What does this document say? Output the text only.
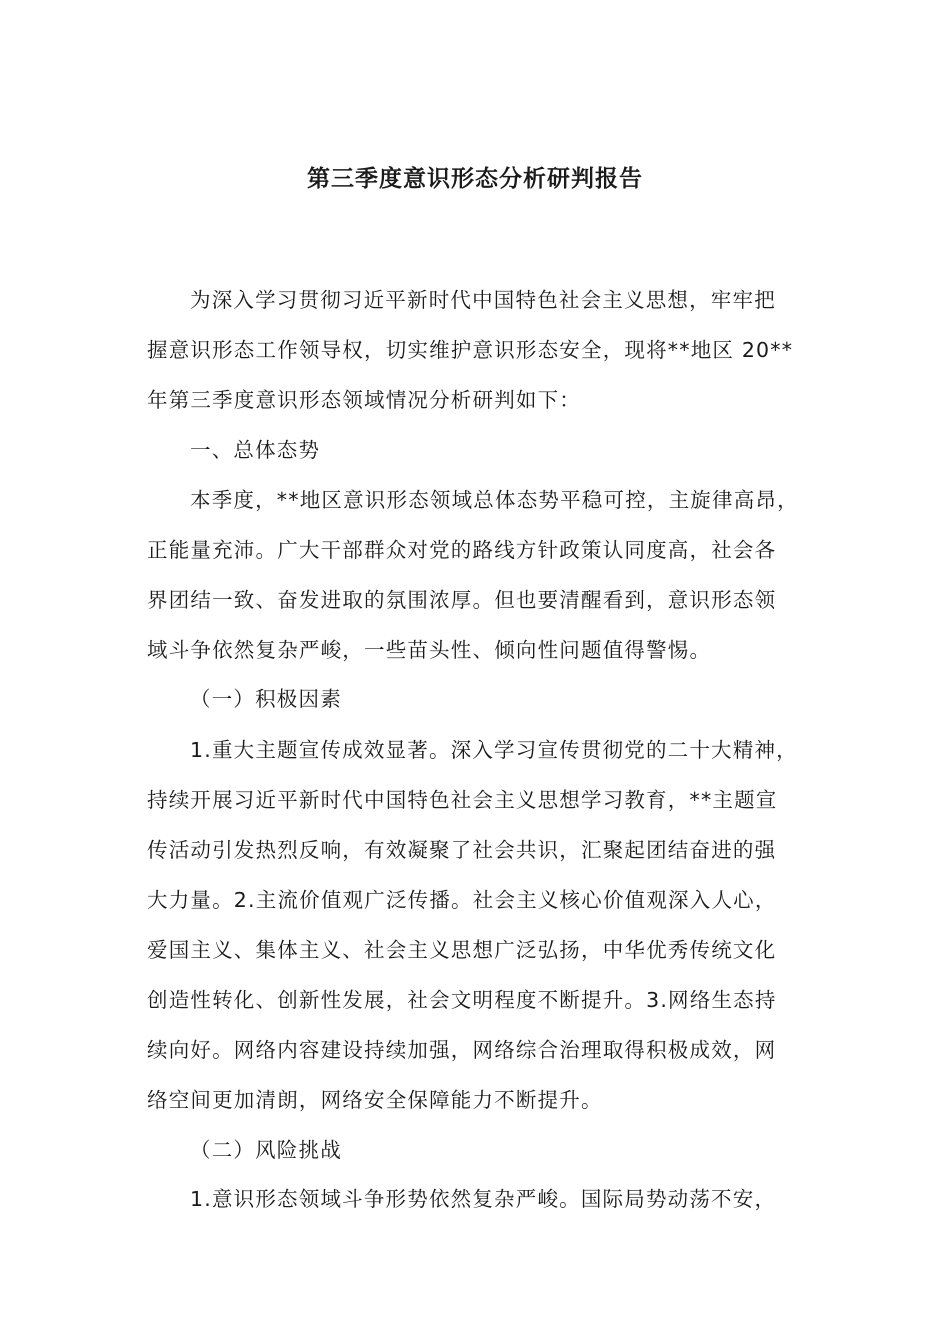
第三季度意识形态分析研判报告
为深入学习贯彻习近平新时代中国特色社会主义思想，牢牢把
握意识形态工作领导权，切实维护意识形态安全，现将**地区 20**
年第三季度意识形态领域情况分析研判如下：
一、总体态势
本季度，**地区意识形态领域总体态势平稳可控，主旋律高昂，
正能量充沛。广大干部群众对党的路线方针政策认同度高，社会各
界团结一致、奋发进取的氛围浓厚。但也要清醒看到，意识形态领
域斗争依然复杂严峻，一些苗头性、倾向性问题值得警惕。
（一）积极因素
1.重大主题宣传成效显著。深入学习宣传贯彻党的二十大精神，
持续开展习近平新时代中国特色社会主义思想学习教育，**主题宣
传活动引发热烈反响，有效凝聚了社会共识，汇聚起团结奋进的强
大力量。2.主流价值观广泛传播。社会主义核心价值观深入人心，
爱国主义、集体主义、社会主义思想广泛弘扬，中华优秀传统文化
创造性转化、创新性发展，社会文明程度不断提升。3.网络生态持
续向好。网络内容建设持续加强，网络综合治理取得积极成效，网
络空间更加清朗，网络安全保障能力不断提升。
（二）风险挑战
1.意识形态领域斗争形势依然复杂严峻。国际局势动荡不安，
